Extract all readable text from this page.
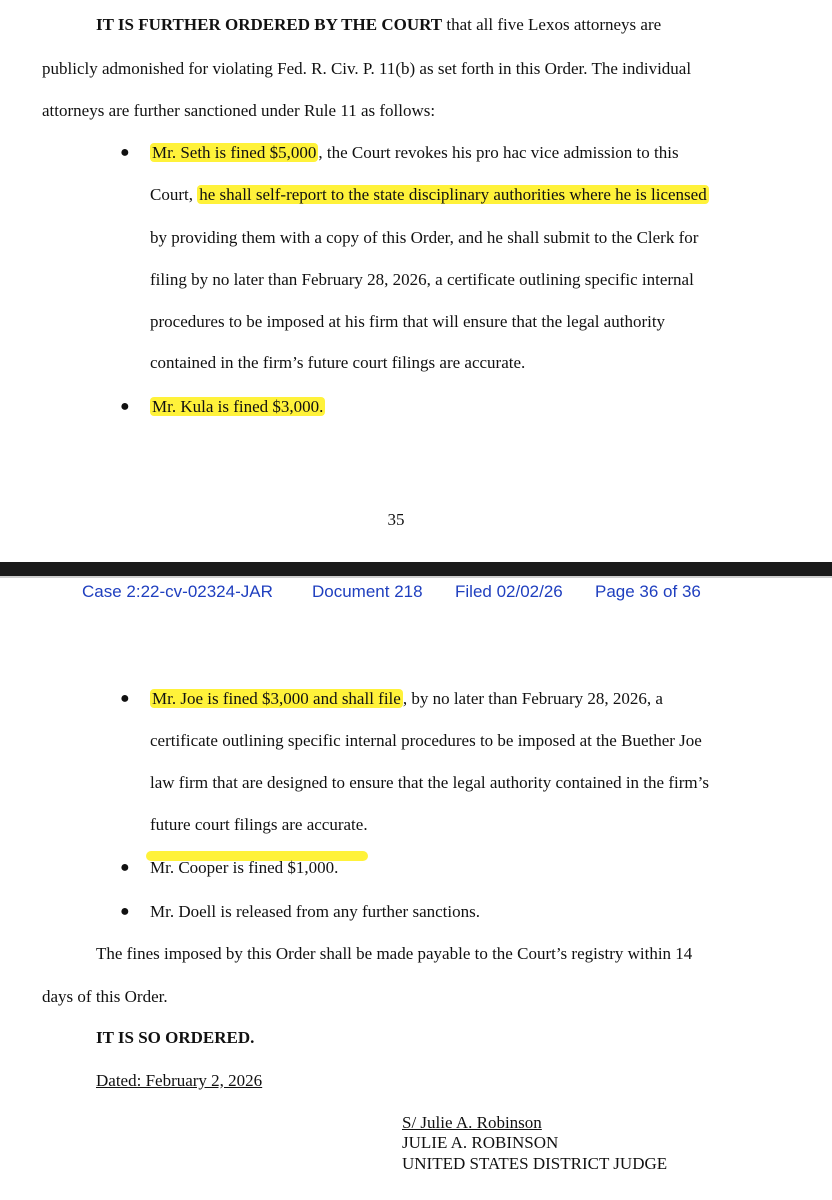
IT IS FURTHER ORDERED BY THE COURT that all five Lexos attorneys are
publicly admonished for violating Fed. R. Civ. P. 11(b) as set forth in this Order. The individual
attorneys are further sanctioned under Rule 11 as follows:
● Mr. Seth is fined $5,000 , the Court revokes his pro hac vice admission to this
Court, he shall self-report to the state disciplinary authorities where he is licensed
by providing them with a copy of this Order, and he shall submit to the Clerk for
filing by no later than February 28, 2026, a certificate outlining specific internal
procedures to be imposed at his firm that will ensure that the legal authority
contained in the firm’s future court filings are accurate.
● Mr. Kula is fined $3,000.
35
Case 2:22-cv-02324-JAR Document 218 Filed 02/02/26 Page 36 of 36
● Mr. Joe is fined $3,000 and shall file , by no later than February 28, 2026, a
certificate outlining specific internal procedures to be imposed at the Buether Joe
law firm that are designed to ensure that the legal authority contained in the firm’s
future court filings are accurate.
● Mr. Cooper is fined $1,000.
● Mr. Doell is released from any further sanctions.
The fines imposed by this Order shall be made payable to the Court’s registry within 14
days of this Order.
IT IS SO ORDERED.
Dated: February 2, 2026
S/ Julie A. Robinson
JULIE A. ROBINSON
UNITED STATES DISTRICT JUDGE
